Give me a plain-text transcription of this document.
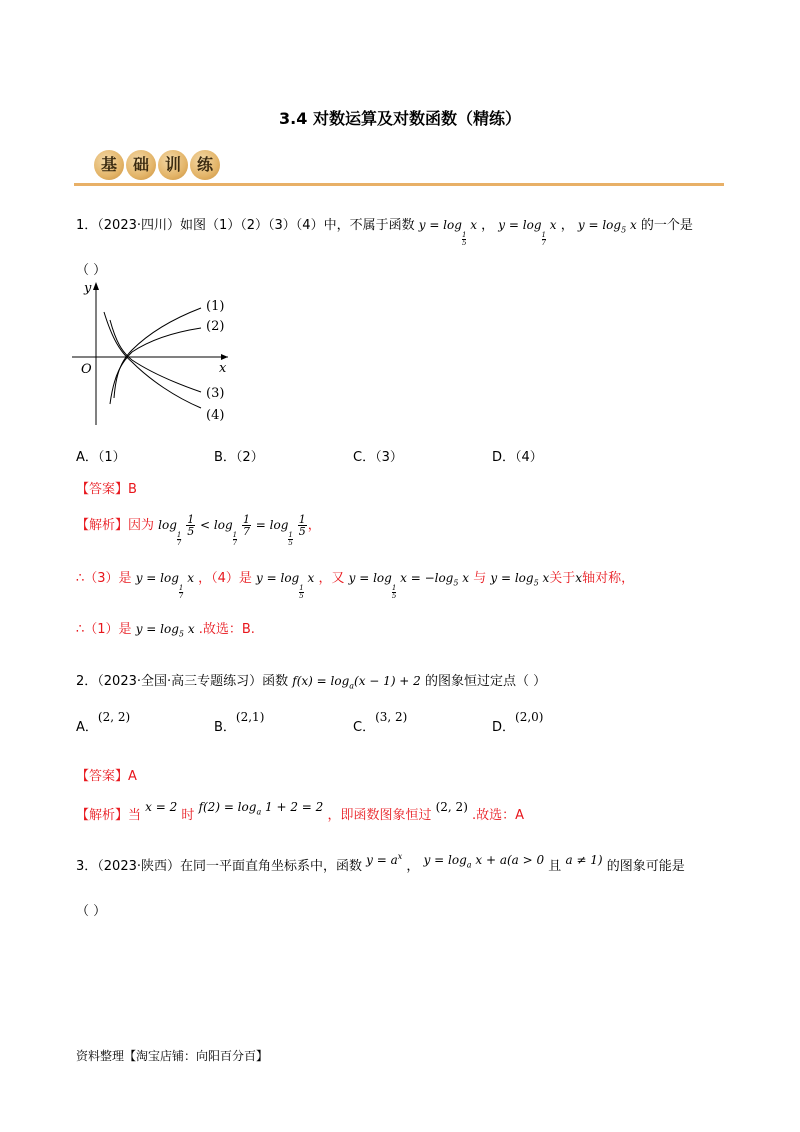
3.4 对数运算及对数函数（精练）
基 础 训 练
1．（2023·四川）如图（1）（2）（3）（4）中，不属于函数 y = log
$\frac{1}{5}$
x ， y = log
$\frac{1}{7}$
x ， $y = \log_5 x$ 的一个是
（ ）
y
x
O
(1)
(2)
(3)
(4)
A．（1）	B．（2）	C．（3）	D．（4）
【答案】B
【解析】因为 log
$\frac{1}{7}$

$\frac{1}{5} < \log$
$\frac{1}{7}$

$\frac{1}{7} = \log$
$\frac{1}{5}$

$\frac{1}{5}$ ，
∴（3）是 y = log
$\frac{1}{7}$
x ，（4）是 y = log
$\frac{1}{5}$
x ，又 y = log
$\frac{1}{5}$
$x = -\log_5$ x 与 $y = \log_5 x$关于x轴对称，
∴（1）是 $y = \log_5 x$ .故选：B.
2．（2023·全国·高三专题练习）函数 $f(x) = \log_a(x - 1) + 2$ 的图象恒过定点（ ）
A．(2, 2)
B．(2,1)
C．(3, 2)
D．(2,0)
【答案】A
【解析】当 x = 2 时 $f(2) = \log_a 1 + 2 = 2$ ，即函数图象恒过 (2, 2) .故选：A
3．（2023·陕西）在同一平面直角坐标系中，函数 $y = a^x$ ， $y = \log_a x + a(a > 0$ 且 a ≠ 1) 的图象可能是
（ ）
资料整理【淘宝店铺：向阳百分百】
